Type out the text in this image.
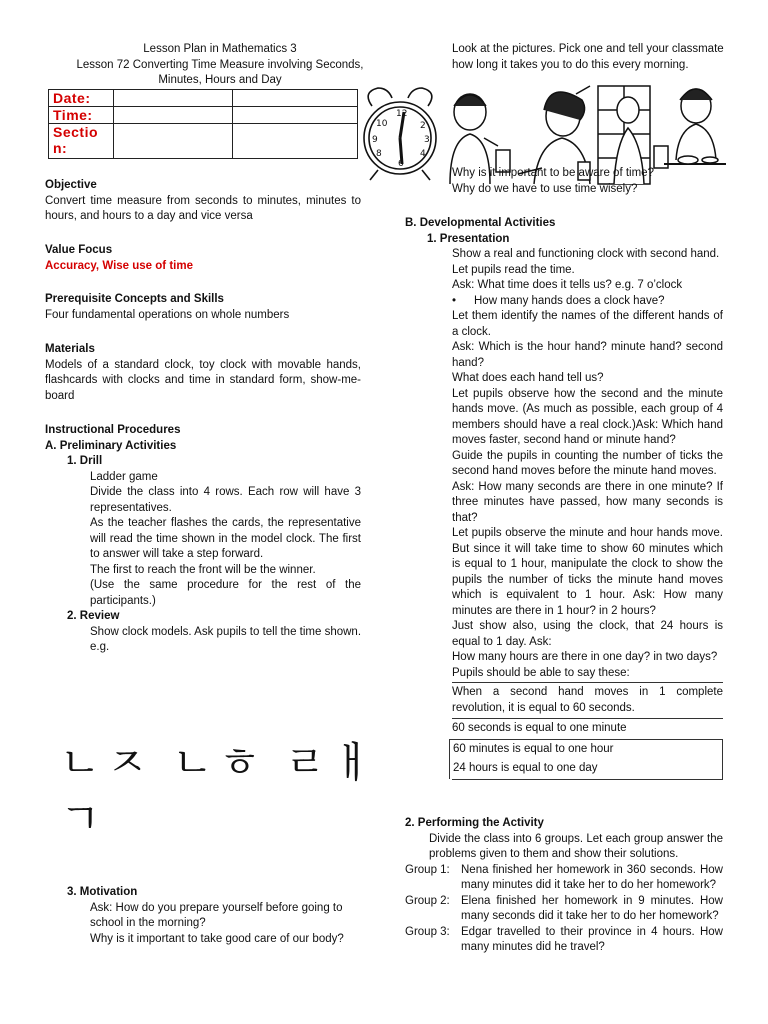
Lesson Plan in Mathematics 3

Lesson 72 Converting Time Measure involving Seconds,

Minutes, Hours and Day

Date:		
Time:		
Sectio
n:		

Objective

Convert time measure from seconds to minutes, minutes to hours, and hours to a day and vice versa

Value Focus

Accuracy, Wise use of time

Prerequisite Concepts and Skills

Four fundamental operations on whole numbers

Materials

Models of a standard clock, toy clock with movable hands, flashcards with clocks and time in standard form, show-me-board

Instructional Procedures

A. Preliminary Activities

1. Drill

Ladder game

Divide the class into 4 rows. Each row will have 3 representatives.

As the teacher flashes the cards, the representative will read the time shown in the model clock. The first to answer will take a step forward.

The first to reach the front will be the winner.

(Use the same procedure for the rest of the participants.)

2. Review

Show clock models. Ask pupils to tell the time shown. e.g.

ㄴㅈ ㄴㅎ ㄹㅐ
ㄱ

3. Motivation

Ask: How do you prepare yourself before going to school in the morning?

Why is it important to take good care of our body?

Look at the pictures. Pick one and tell your classmate

how long it takes you to do this every morning.

12
2
3
4
6
8
9
10

Why is it important to be aware of time?

Why do we have to use time wisely?

B. Developmental Activities

1. Presentation

Show a real and functioning clock with second hand.

Let pupils read the time.

Ask: What time does it tells us? e.g. 7 o’clock

• How many hands does a clock have?

Let them identify the names of the different hands of a clock.

Ask: Which is the hour hand? minute hand? second hand?

What does each hand tell us?

Let pupils observe how the second and the minute hands move. (As much as possible, each group of 4 members should have a real clock.)Ask: Which hand moves faster, second hand or minute hand?

Guide the pupils in counting the number of ticks the second hand moves before the minute hand moves.

Ask: How many seconds are there in one minute? If three minutes have passed, how many seconds is that?

Let pupils observe the minute and hour hands move. But since it will take time to show 60 minutes which is equal to 1 hour, manipulate the clock to show the pupils the number of ticks the minute hand moves which is equivalent to 1 hour. Ask: How many minutes are there in 1 hour? in 2 hours?

Just show also, using the clock, that 24 hours is equal to 1 day. Ask:

How many hours are there in one day? in two days?

Pupils should be able to say these:

When a second hand moves in 1 complete revolution, it is equal to 60 seconds.

60 seconds is equal to one minute

60 minutes is equal to one hour

24 hours is equal to one day

2. Performing the Activity

Divide the class into 6 groups. Let each group answer the problems given to them and show their solutions.

Group 1: Nena finished her homework in 360 seconds. How many minutes did it take her to do her homework?
Group 2: Elena finished her homework in 9 minutes. How many seconds did it take her to do her homework?
Group 3: Edgar travelled to their province in 4 hours. How many minutes did he travel?
